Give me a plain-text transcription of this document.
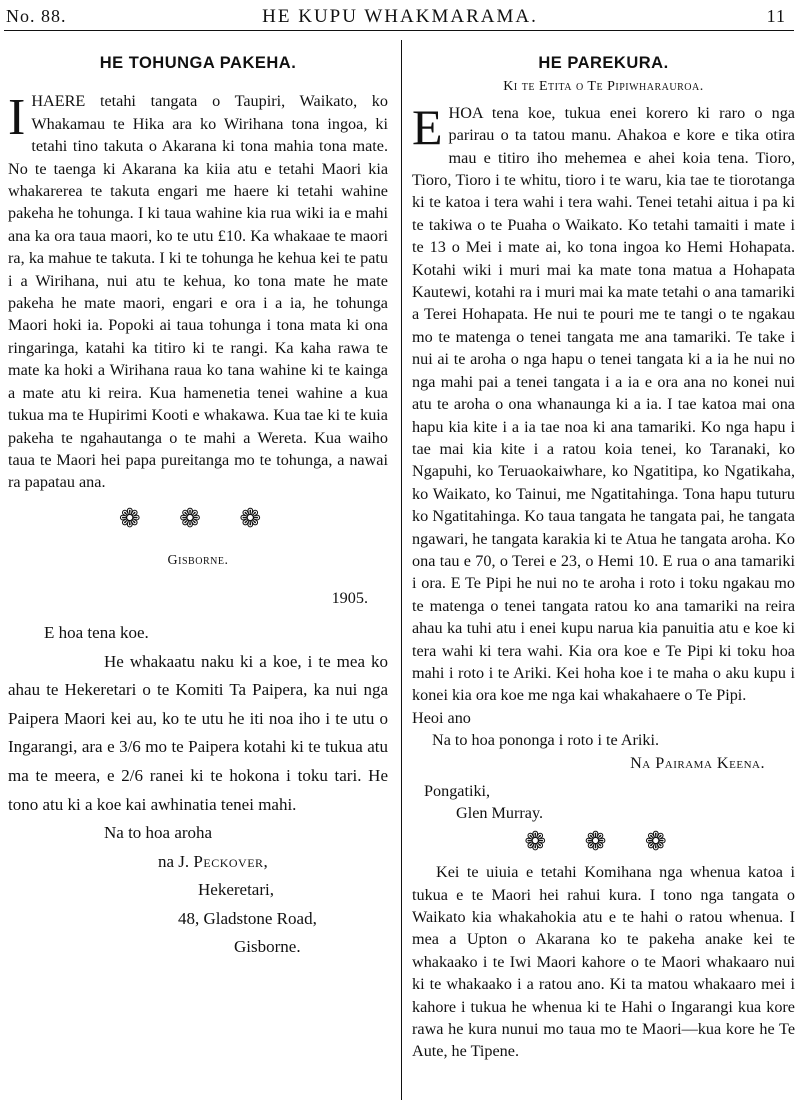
No. 88.	HE KUPU WHAKMARAMA.	11
HE TOHUNGA PAKEHA.
IHAERE tetahi tangata o Taupiri, Waikato, ko Whakamau te Hika ara ko Wirihana tona ingoa, ki tetahi tino takuta o Akarana ki tona mahia tona mate. No te taenga ki Akarana ka kiia atu e tetahi Maori kia whakarerea te takuta engari me haere ki tetahi wahine pakeha he tohunga. I ki taua wahine kia rua wiki ia e mahi ana ka ora taua maori, ko te utu £10. Ka whakaae te maori ra, ka mahue te takuta. I ki te tohunga he kehua kei te patu i a Wirihana, nui atu te kehua, ko tona mate he mate pakeha he mate maori, engari e ora i a ia, he tohunga Maori hoki ia. Popoki ai taua tohunga i tona mata ki ona ringaringa, katahi ka titiro ki te rangi. Ka kaha rawa te mate ka hoki a Wirihana raua ko tana wahine ki te kainga a mate atu ki reira. Kua hamenetia tenei wahine a kua tukua ma te Hupirimi Kooti e whakawa. Kua tae ki te kuia pakeha te ngahautanga o te mahi a Wereta. Kua waiho taua te Maori hei papa pureitanga mo te tohunga, a nawai ra papatau ana.
❁ ❁ ❁
Gisborne.
1905.
E hoa tena koe.
He whakaatu naku ki a koe, i te mea ko ahau te Hekeretari o te Komiti Ta Paipera, ka nui nga Paipera Maori kei au, ko te utu he iti noa iho i te utu o Ingarangi, ara e 3/6 mo te Paipera kotahi ki te tukua atu ma te meera, e 2/6 ranei ki te hokona i toku tari. He tono atu ki a koe kai awhinatia tenei mahi.
Na to hoa aroha
na J. Peckover,
Hekeretari,
48, Gladstone Road,
Gisborne.
HE PAREKURA.
Ki te Etita o Te Pipiwharauroa.
EHOA tena koe, tukua enei korero ki raro o nga parirau o ta tatou manu. Ahakoa e kore e tika otira mau e titiro iho mehemea e ahei koia tena. Tioro, Tioro, Tioro i te whitu, tioro i te waru, kia tae te tiorotanga ki te katoa i tera wahi i tera wahi. Tenei tetahi aitua i pa ki te takiwa o te Puaha o Waikato. Ko tetahi tamaiti i mate i te 13 o Mei i mate ai, ko tona ingoa ko Hemi Hohapata. Kotahi wiki i muri mai ka mate tona matua a Hohapata Kautewi, kotahi ra i muri mai ka mate tetahi o ana tamariki a Terei Hohapata. He nui te pouri me te tangi o te ngakau mo te matenga o tenei tangata me ana tamariki. Te take i nui ai te aroha o nga hapu o tenei tangata ki a ia he nui no nga mahi pai a tenei tangata i a ia e ora ana no konei nui atu te aroha o ona whanaunga ki a ia. I tae katoa mai ona hapu kia kite i a ia tae noa ki ana tamariki. Ko nga hapu i tae mai kia kite i a ratou koia tenei, ko Taranaki, ko Ngapuhi, ko Teruaokaiwhare, ko Ngatitipa, ko Ngatikaha, ko Waikato, ko Tainui, me Ngatitahinga. Tona hapu tuturu ko Ngatitahinga. Ko taua tangata he tangata pai, he tangata ngawari, he tangata karakia ki te Atua he tangata aroha. Ko ona tau e 70, o Terei e 23, o Hemi 10. E rua o ana tamariki i ora. E Te Pipi he nui no te aroha i roto i toku ngakau mo te matenga o tenei tangata ratou ko ana tamariki na reira ahau ka tuhi atu i enei kupu narua kia panuitia atu e koe ki tera wahi ki tera wahi. Kia ora koe e Te Pipi ki toku hoa mahi i roto i te Ariki. Kei hoha koe i te maha o aku kupu i konei kia ora koe me nga kai whakahaere o Te Pipi.
Heoi ano
Na to hoa pononga i roto i te Ariki.
Na Pairama Keena.
Pongatiki,
Glen Murray.
❁ ❁ ❁
Kei te uiuia e tetahi Komihana nga whenua katoa i tukua e te Maori hei rahui kura. I tono nga tangata o Waikato kia whakahokia atu e te hahi o ratou whenua. I mea a Upton o Akarana ko te pakeha anake kei te whakaako i te Iwi Maori kahore o te Maori whakaaro nui ki te whakaako i a ratou ano. Ki ta matou whakaaro mei i kahore i tukua he whenua ki te Hahi o Ingarangi kua kore rawa he kura nunui mo taua mo te Maori—kua kore he Te Aute, he Tipene.
